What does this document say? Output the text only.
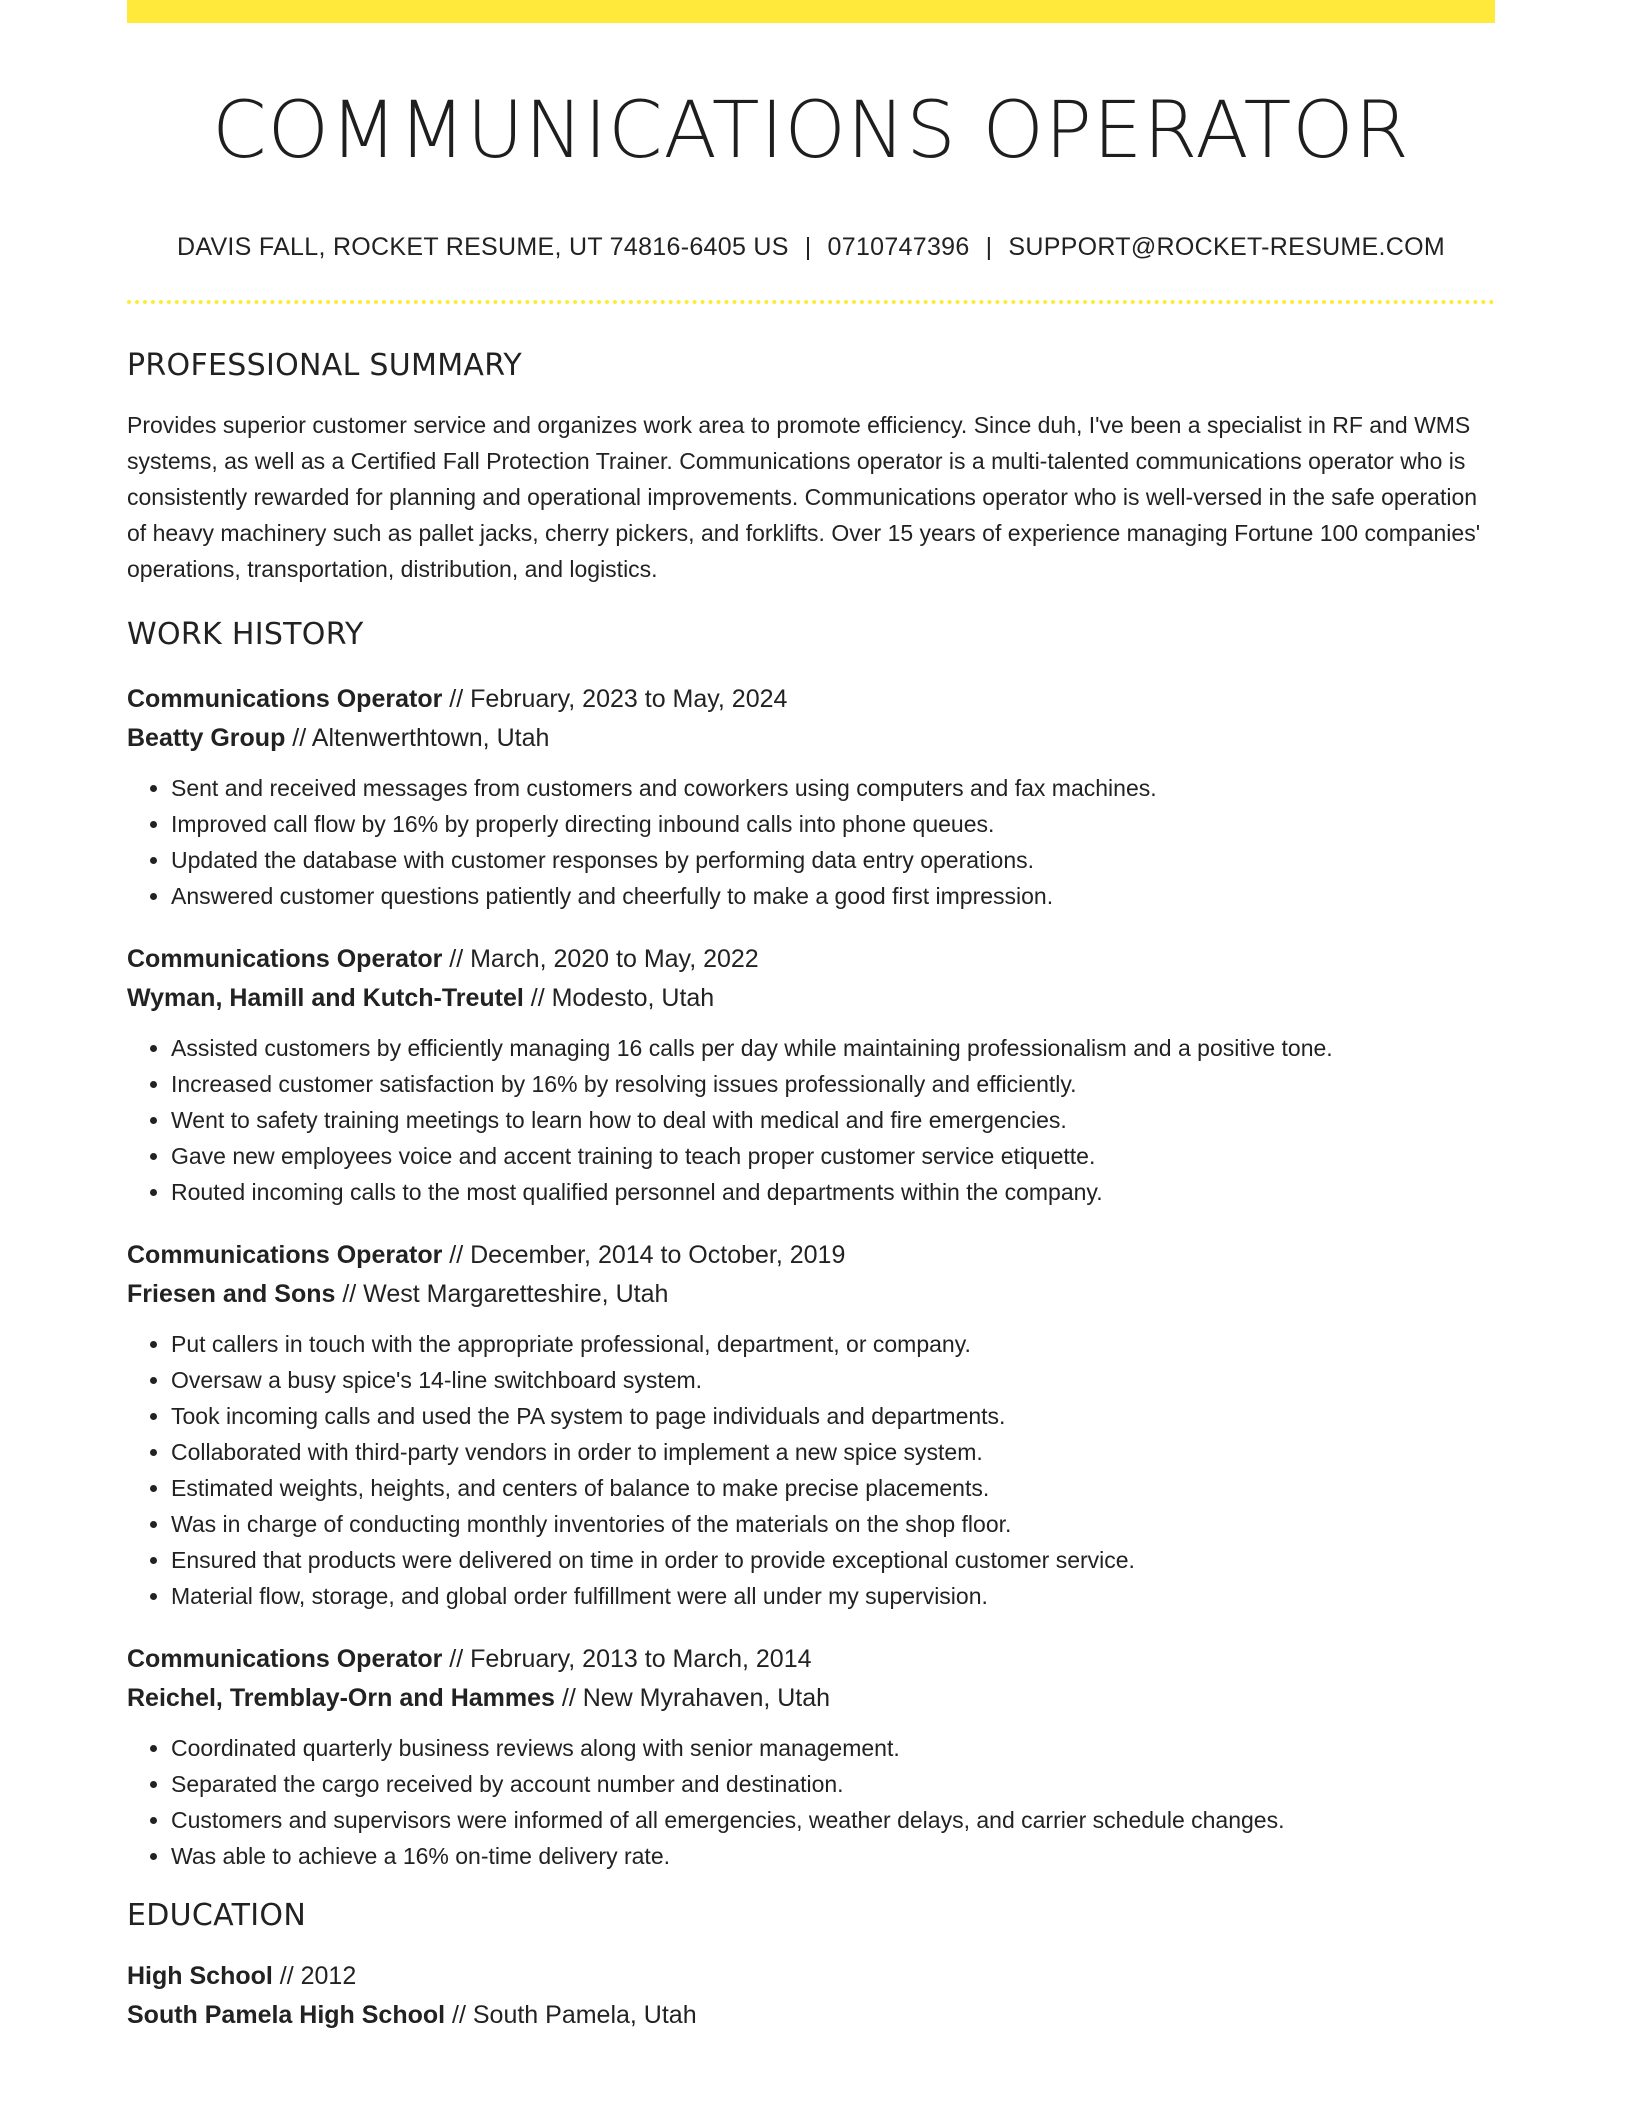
COMMUNICATIONS OPERATOR
DAVIS FALL, ROCKET RESUME, UT 74816-6405 US | 0710747396 | SUPPORT@ROCKET-RESUME.COM
PROFESSIONAL SUMMARY

Provides superior customer service and organizes work area to promote efficiency. Since duh, I've been a specialist in RF and WMS systems, as well as a Certified Fall Protection Trainer. Communications operator is a multi-talented communications operator who is consistently rewarded for planning and operational improvements. Communications operator who is well-versed in the safe operation of heavy machinery such as pallet jacks, cherry pickers, and forklifts. Over 15 years of experience managing Fortune 100 companies' operations, transportation, distribution, and logistics.

WORK HISTORY
Communications Operator // February, 2023 to May, 2024
Beatty Group // Altenwerthtown, Utah
• Sent and received messages from customers and coworkers using computers and fax machines.
• Improved call flow by 16% by properly directing inbound calls into phone queues.
• Updated the database with customer responses by performing data entry operations.
• Answered customer questions patiently and cheerfully to make a good first impression.
Communications Operator // March, 2020 to May, 2022
Wyman, Hamill and Kutch-Treutel // Modesto, Utah
• Assisted customers by efficiently managing 16 calls per day while maintaining professionalism and a positive tone.
• Increased customer satisfaction by 16% by resolving issues professionally and efficiently.
• Went to safety training meetings to learn how to deal with medical and fire emergencies.
• Gave new employees voice and accent training to teach proper customer service etiquette.
• Routed incoming calls to the most qualified personnel and departments within the company.
Communications Operator // December, 2014 to October, 2019
Friesen and Sons // West Margaretteshire, Utah
• Put callers in touch with the appropriate professional, department, or company.
• Oversaw a busy spice's 14-line switchboard system.
• Took incoming calls and used the PA system to page individuals and departments.
• Collaborated with third-party vendors in order to implement a new spice system.
• Estimated weights, heights, and centers of balance to make precise placements.
• Was in charge of conducting monthly inventories of the materials on the shop floor.
• Ensured that products were delivered on time in order to provide exceptional customer service.
• Material flow, storage, and global order fulfillment were all under my supervision.
Communications Operator // February, 2013 to March, 2014
Reichel, Tremblay-Orn and Hammes // New Myrahaven, Utah
• Coordinated quarterly business reviews along with senior management.
• Separated the cargo received by account number and destination.
• Customers and supervisors were informed of all emergencies, weather delays, and carrier schedule changes.
• Was able to achieve a 16% on-time delivery rate.
EDUCATION
High School // 2012
South Pamela High School // South Pamela, Utah
